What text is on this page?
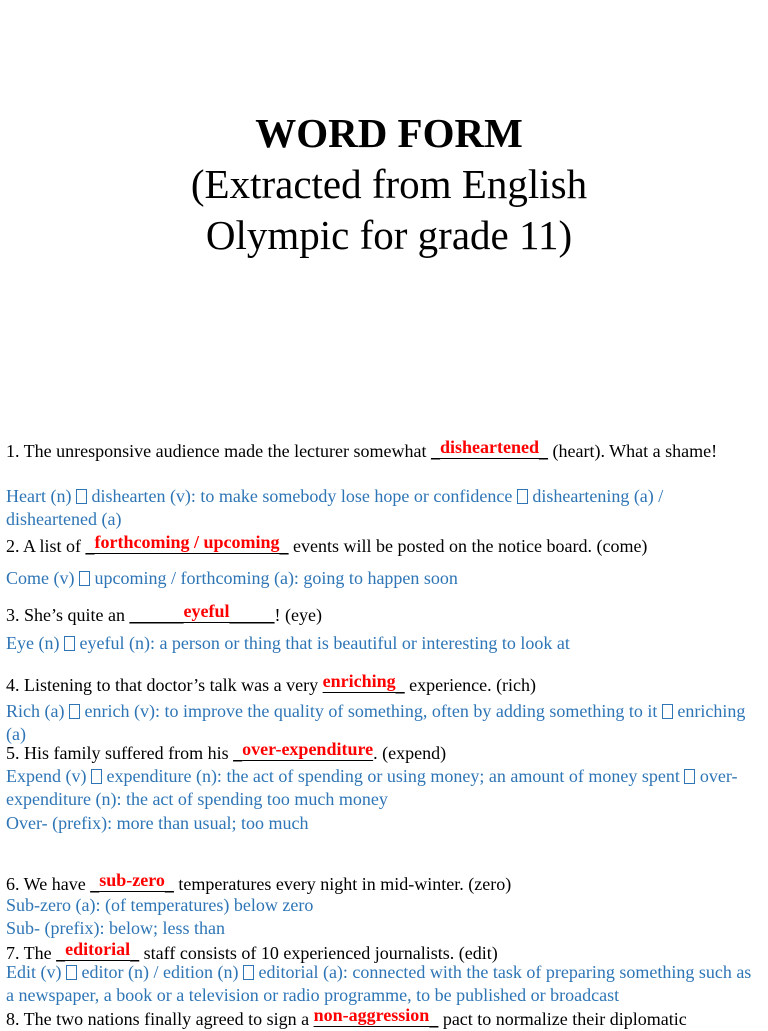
WORD FORM
(Extracted from English
Olympic for grade 11)
1. The unresponsive audience made the lecturer somewhat _disheartened_ (heart). What a shame!
Heart (n)  dishearten (v): to make somebody lose hope or confidence  disheartening (a) / disheartened (a)
2. A list of _forthcoming / upcoming_ events will be posted on the notice board. (come)
Come (v)  upcoming / forthcoming (a): going to happen soon
3. She’s quite an ______eyeful_____! (eye)
Eye (n)  eyeful (n): a person or thing that is beautiful or interesting to look at
4. Listening to that doctor’s talk was a very enriching_ experience. (rich)
Rich (a)  enrich (v): to improve the quality of something, often by adding something to it  enriching (a)
5. His family suffered from his _over-expenditure. (expend)
Expend (v)  expenditure (n): the act of spending or using money; an amount of money spent  over-expenditure (n): the act of spending too much money
Over- (prefix): more than usual; too much
6. We have _sub-zero_ temperatures every night in mid-winter. (zero)
Sub-zero (a): (of temperatures) below zero
Sub- (prefix): below; less than
7. The _editorial_ staff consists of 10 experienced journalists. (edit)
Edit (v)  editor (n) / edition (n)  editorial (a): connected with the task of preparing something such as a newspaper, a book or a television or radio programme, to be published or broadcast
8. The two nations finally agreed to sign a non-aggression_ pact to normalize their diplomatic
